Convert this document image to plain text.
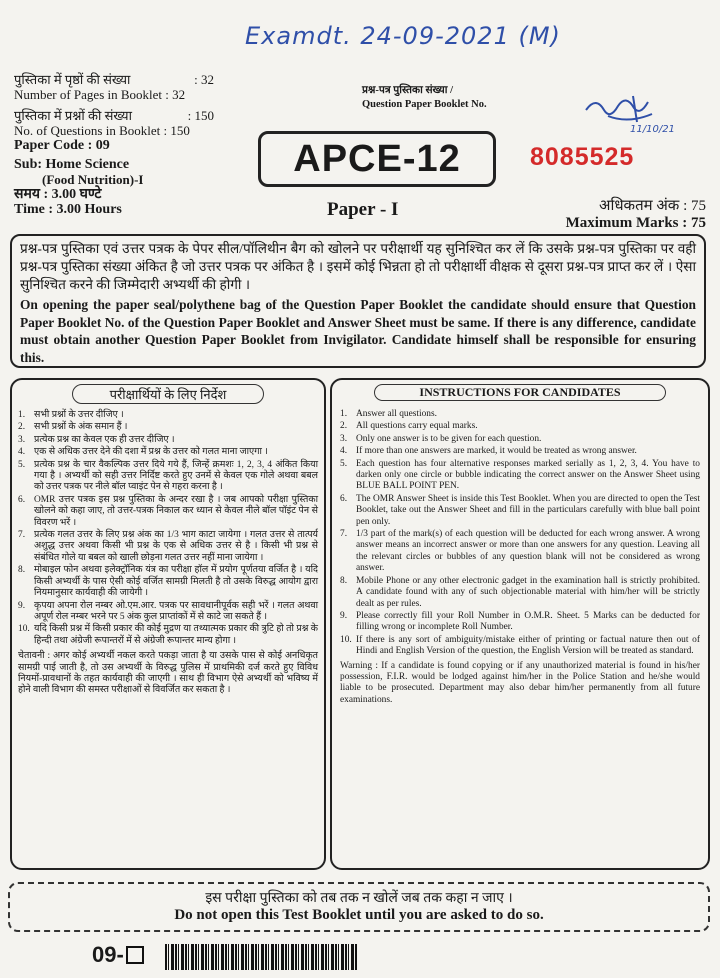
Examdt. 24-09-2021 (M)
11/10/21
पुस्तिका में पृष्ठों की संख्या	: 32
Number of Pages in Booklet : 32
पुस्तिका में प्रश्नों की संख्या	: 150
No. of Questions in Booklet : 150
Paper Code : 09
Sub: Home Science
(Food Nutrition)-I
समय : 3.00 घण्टे
Time : 3.00 Hours
प्रश्न-पत्र पुस्तिका संख्या /
Question Paper Booklet No.
APCE-12	8085525
Paper - I	अधिकतम अंक : 75
Maximum Marks : 75
प्रश्न-पत्र पुस्तिका एवं उत्तर पत्रक के पेपर सील/पॉलिथीन बैग को खोलने पर परीक्षार्थी यह सुनिश्चित कर लें कि उसके प्रश्न-पत्र पुस्तिका पर वही प्रश्न-पत्र पुस्तिका संख्या अंकित है जो उत्तर पत्रक पर अंकित है । इसमें कोई भिन्नता हो तो परीक्षार्थी वीक्षक से दूसरा प्रश्न-पत्र प्राप्त कर लें । ऐसा सुनिश्चित करने की जिम्मेदारी अभ्यर्थी की होगी ।
On opening the paper seal/polythene bag of the Question Paper Booklet the candidate should ensure that Question Paper Booklet No. of the Question Paper Booklet and Answer Sheet must be same. If there is any difference, candidate must obtain another Question Paper Booklet from Invigilator. Candidate himself shall be responsible for ensuring this.
परीक्षार्थियों के लिए निर्देश
1. सभी प्रश्नों के उत्तर दीजिए ।
2. सभी प्रश्नों के अंक समान हैं ।
3. प्रत्येक प्रश्न का केवल एक ही उत्तर दीजिए ।
4. एक से अधिक उत्तर देने की दशा में प्रश्न के उत्तर को गलत माना जाएगा ।
5. प्रत्येक प्रश्न के चार वैकल्पिक उत्तर दिये गये हैं, जिन्हें क्रमशः 1, 2, 3, 4 अंकित किया गया है । अभ्यर्थी को सही उत्तर निर्दिष्ट करते हुए उनमें से केवल एक गोले अथवा बबल को उत्तर पत्रक पर नीले बॉल प्वाइंट पेन से गहरा करना है ।
6. OMR उत्तर पत्रक इस प्रश्न पुस्तिका के अन्दर रखा है । जब आपको परीक्षा पुस्तिका खोलने को कहा जाए, तो उत्तर-पत्रक निकाल कर ध्यान से केवल नीले बॉल पॉइंट पेन से विवरण भरें ।
7. प्रत्येक गलत उत्तर के लिए प्रश्न अंक का 1/3 भाग काटा जायेगा । गलत उत्तर से तात्पर्य अशुद्ध उत्तर अथवा किसी भी प्रश्न के एक से अधिक उत्तर से है । किसी भी प्रश्न से संबंधित गोले या बबल को खाली छोड़ना गलत उत्तर नहीं माना जायेगा ।
8. मोबाइल फोन अथवा इलेक्ट्रॉनिक यंत्र का परीक्षा हॉल में प्रयोग पूर्णतया वर्जित है । यदि किसी अभ्यर्थी के पास ऐसी कोई वर्जित सामग्री मिलती है तो उसके विरुद्ध आयोग द्वारा नियमानुसार कार्यवाही की जायेगी ।
9. कृपया अपना रोल नम्बर ओ.एम.आर. पत्रक पर सावधानीपूर्वक सही भरें । गलत अथवा अपूर्ण रोल नम्बर भरने पर 5 अंक कुल प्राप्तांकों में से काटे जा सकते हैं ।
10. यदि किसी प्रश्न में किसी प्रकार की कोई मुद्रण या तथ्यात्मक प्रकार की त्रुटि हो तो प्रश्न के हिन्दी तथा अंग्रेजी रूपान्तरों में से अंग्रेजी रूपान्तर मान्य होगा ।
चेतावनी : अगर कोई अभ्यर्थी नकल करते पकड़ा जाता है या उसके पास से कोई अनधिकृत सामग्री पाई जाती है, तो उस अभ्यर्थी के विरुद्ध पुलिस में प्राथमिकी दर्ज करते हुए विविध नियमों-प्रावधानों के तहत कार्यवाही की जाएगी । साथ ही विभाग ऐसे अभ्यर्थी को भविष्य में होने वाली विभाग की समस्त परीक्षाओं से विवर्जित कर सकता है ।
INSTRUCTIONS FOR CANDIDATES
1. Answer all questions.
2. All questions carry equal marks.
3. Only one answer is to be given for each question.
4. If more than one answers are marked, it would be treated as wrong answer.
5. Each question has four alternative responses marked serially as 1, 2, 3, 4. You have to darken only one circle or bubble indicating the correct answer on the Answer Sheet using BLUE BALL POINT PEN.
6. The OMR Answer Sheet is inside this Test Booklet. When you are directed to open the Test Booklet, take out the Answer Sheet and fill in the particulars carefully with blue ball point pen only.
7. 1/3 part of the mark(s) of each question will be deducted for each wrong answer. A wrong answer means an incorrect answer or more than one answers for any question. Leaving all the relevant circles or bubbles of any question blank will not be considered as wrong answer.
8. Mobile Phone or any other electronic gadget in the examination hall is strictly prohibited. A candidate found with any of such objectionable material with him/her will be strictly dealt as per rules.
9. Please correctly fill your Roll Number in O.M.R. Sheet. 5 Marks can be deducted for filling wrong or incomplete Roll Number.
10. If there is any sort of ambiguity/mistake either of printing or factual nature then out of Hindi and English Version of the question, the English Version will be treated as standard.
Warning : If a candidate is found copying or if any unauthorized material is found in his/her possession, F.I.R. would be lodged against him/her in the Police Station and he/she would liable to be prosecuted. Department may also debar him/her permanently from all future examinations.
इस परीक्षा पुस्तिका को तब तक न खोलें जब तक कहा न जाए ।
Do not open this Test Booklet until you are asked to do so.
09-
